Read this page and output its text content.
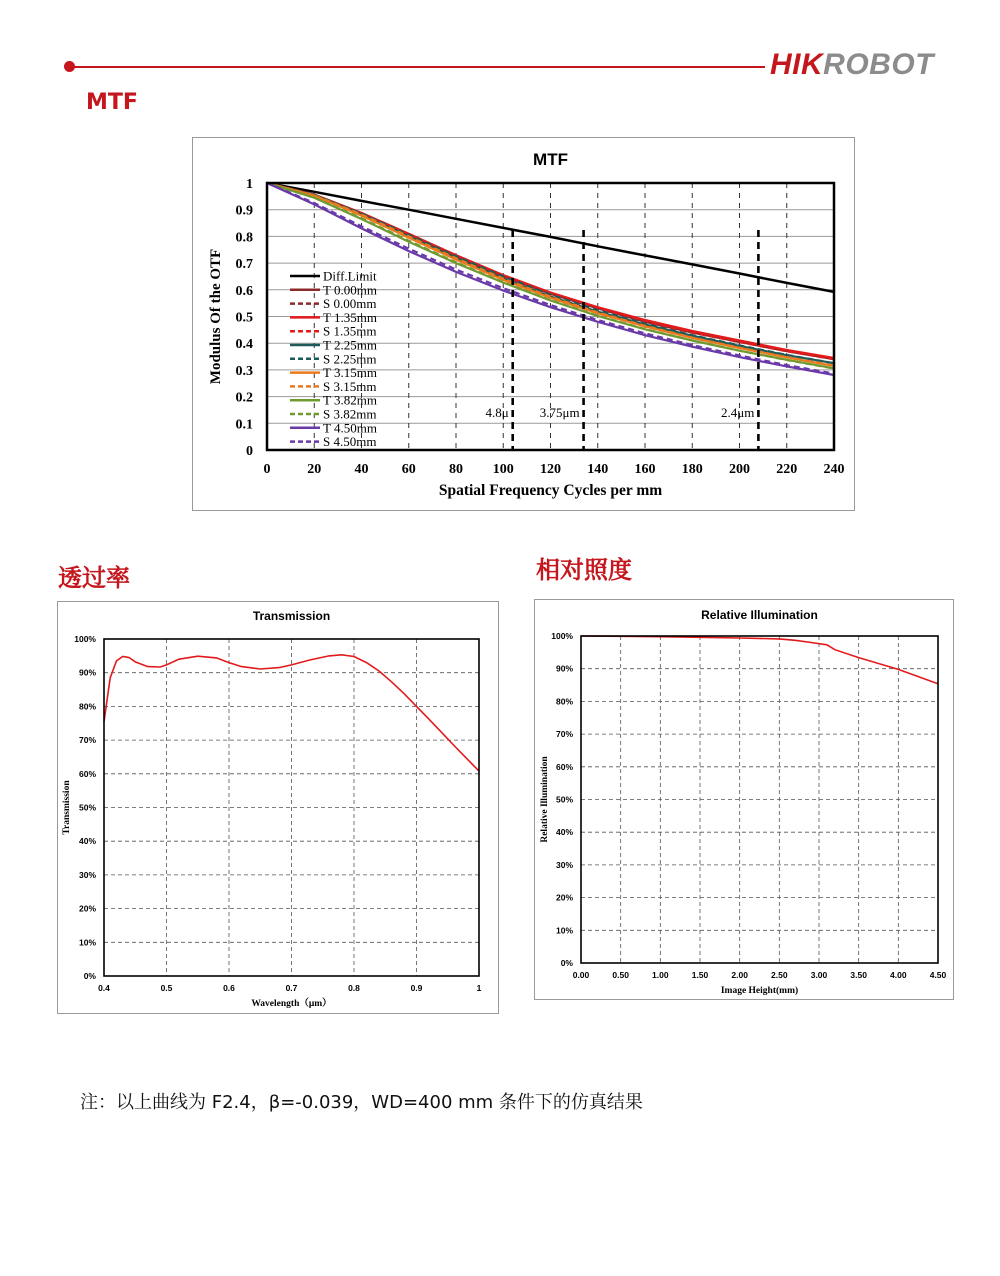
HIKROBOT
MTF
透过率	相对照度
MTF
0
0.1
0.2
0.3
0.4
0.5
0.6
0.7
0.8
0.9
1
0	20 40 60 80 100 120 140 160 180 200 220 240
4.8μ 3.75μm	2.4μm
Diff.Limit
T 0.00mm
S 0.00mm
T 1.35mm
S 1.35mm
T 2.25mm
S 2.25mm
T 3.15mm
S 3.15mm
T 3.82mm
S 3.82mm
T 4.50mm
S 4.50mm
Spatial Frequency Cycles per mm
Modulus Of the OTF
Transmission
0%
10%
20%
30%
40%
50%
60%
70%
80%
90%
100%
0.4	0.5	0.6	0.7	0.8	0.9	1
Wavelength（μm）
Transmission
Relative Illumination
0%
10%
20%
30%
40%
50%
60%
70%
80%
90%
100%
0.00	0.50	1.00	1.50	2.00	2.50	3.00	3.50	4.00	4.50
Image Height(mm)
Relative Illumination
注：以上曲线为 F2.4，β=-0.039，WD=400 mm 条件下的仿真结果
